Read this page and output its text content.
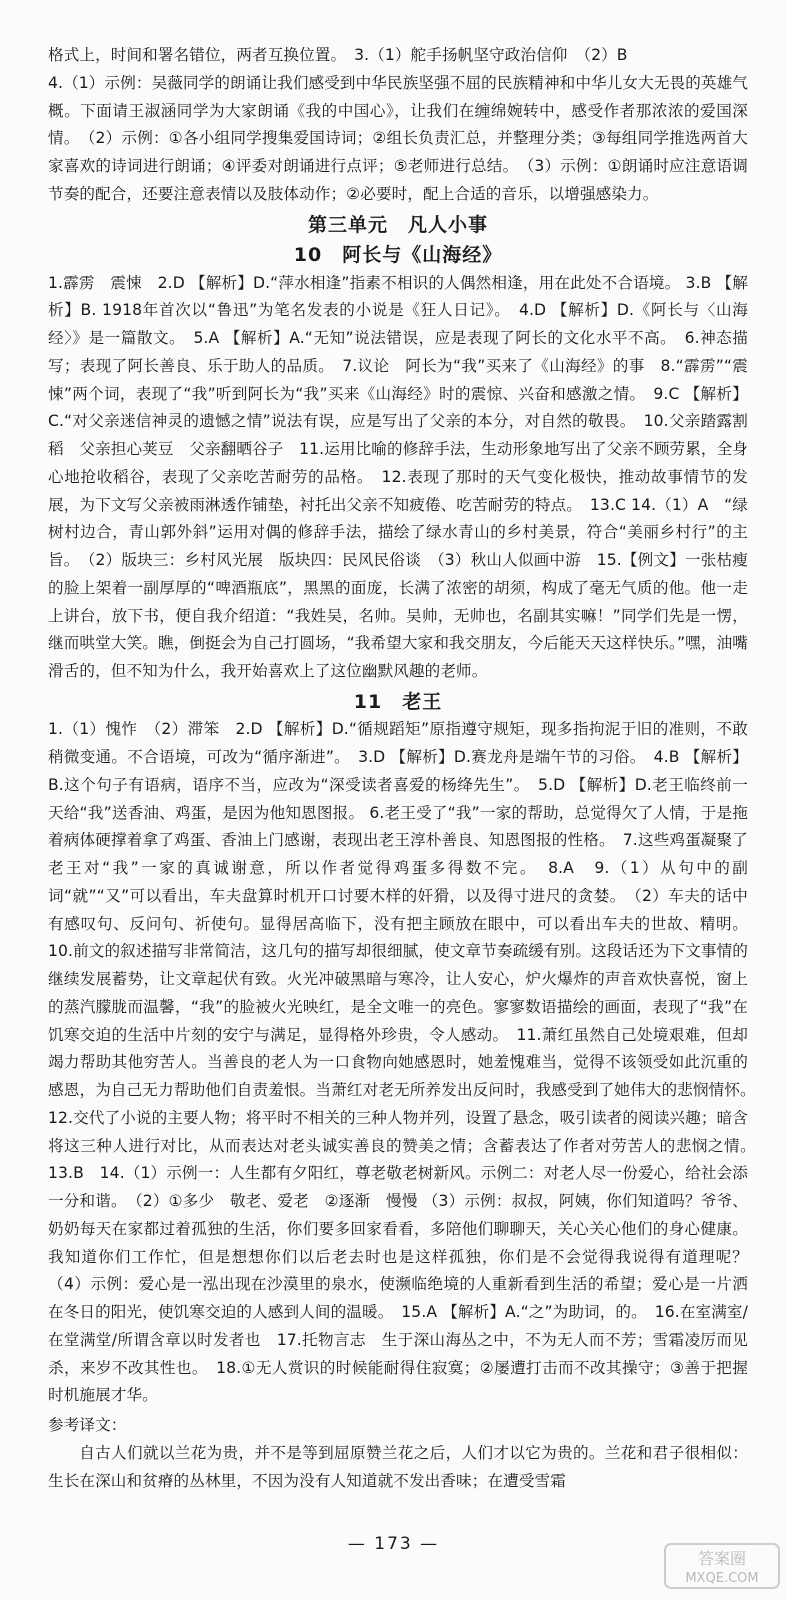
格式上，时间和署名错位，两者互换位置。　3.（1）舵手扬帆坚守政治信仰　（2）B

4.（1）示例：吴薇同学的朗诵让我们感受到中华民族坚强不屈的民族精神和中华儿女大无畏的英雄气概。下面请王淑涵同学为大家朗诵《我的中国心》，让我们在缠绵婉转中，感受作者那浓浓的爱国深情。　（2）示例：①各小组同学搜集爱国诗词；②组长负责汇总，并整理分类；③每组同学推选两首大家喜欢的诗词进行朗诵；④评委对朗诵进行点评；⑤老师进行总结。　（3）示例：①朗诵时应注意语调节奏的配合，还要注意表情以及肢体动作；②必要时，配上合适的音乐，以增强感染力。

第三单元　凡人小事
10　阿长与《山海经》

1.霹雳　震悚　2.D 【解析】D.“萍水相逢”指素不相识的人偶然相逢，用在此处不合语境。 3.B 【解析】B. 1918年首次以“鲁迅”为笔名发表的小说是《狂人日记》。　4.D 【解析】D.《阿长与〈山海经〉》是一篇散文。　5.A 【解析】A.“无知”说法错误，应是表现了阿长的文化水平不高。　6.神态描写；表现了阿长善良、乐于助人的品质。　7.议论　阿长为“我”买来了《山海经》的事　8.“霹雳”“震悚”两个词，表现了“我”听到阿长为“我”买来《山海经》时的震惊、兴奋和感激之情。　9.C 【解析】C.“对父亲迷信神灵的遗憾之情”说法有误，应是写出了父亲的本分，对自然的敬畏。　10.父亲踏露割稻　父亲担心荚豆　父亲翻晒谷子　11.运用比喻的修辞手法，生动形象地写出了父亲不顾劳累，全身心地抢收稻谷，表现了父亲吃苦耐劳的品格。　12.表现了那时的天气变化极快，推动故事情节的发展，为下文写父亲被雨淋透作铺垫，衬托出父亲不知疲倦、吃苦耐劳的特点。　13.C 14.（1）A　“绿树村边合，青山郭外斜”运用对偶的修辞手法，描绘了绿水青山的乡村美景，符合“美丽乡村行”的主旨。　（2）版块三：乡村风光展　版块四：民风民俗谈　（3）秋山人似画中游　15.【例文】一张枯瘦的脸上架着一副厚厚的“啤酒瓶底”，黑黑的面庞，长满了浓密的胡须，构成了毫无气质的他。他一走上讲台，放下书，便自我介绍道：“我姓吴，名帅。吴帅，无帅也，名副其实嘛！”同学们先是一愣，继而哄堂大笑。瞧，倒挺会为自己打圆场，“我希望大家和我交朋友，今后能天天这样快乐。”嘿，油嘴滑舌的，但不知为什么，我开始喜欢上了这位幽默风趣的老师。

11　老王

1.（1）愧怍　（2）滞笨　2.D 【解析】D.“循规蹈矩”原指遵守规矩，现多指拘泥于旧的准则，不敢稍微变通。不合语境，可改为“循序渐进”。　3.D 【解析】D.赛龙舟是端午节的习俗。　4.B 【解析】B.这个句子有语病，语序不当，应改为“深受读者喜爱的杨绛先生”。　5.D 【解析】D.老王临终前一天给“我”送香油、鸡蛋，是因为他知恩图报。 6.老王受了“我”一家的帮助，总觉得欠了人情，于是拖着病体硬撑着拿了鸡蛋、香油上门感谢，表现出老王淳朴善良、知恩图报的性格。　7.这些鸡蛋凝聚了老王对“我”一家的真诚谢意，所以作者觉得鸡蛋多得数不完。　8.A　9.（1）从句中的副词“就”“又”可以看出，车夫盘算时机开口讨要木样的奸猾，以及得寸进尺的贪婪。　（2）车夫的话中有感叹句、反问句、祈使句。显得居高临下，没有把主顾放在眼中，可以看出车夫的世故、精明。 10.前文的叙述描写非常简洁，这几句的描写却很细腻，使文章节奏疏缓有别。这段话还为下文事情的继续发展蓄势，让文章起伏有致。火光冲破黑暗与寒冷，让人安心，炉火爆炸的声音欢快喜悦，窗上的蒸汽朦胧而温馨，“我”的脸被火光映红，是全文唯一的亮色。寥寥数语描绘的画面，表现了“我”在饥寒交迫的生活中片刻的安宁与满足，显得格外珍贵，令人感动。　11.萧红虽然自己处境艰难，但却竭力帮助其他穷苦人。当善良的老人为一口食物向她感恩时，她羞愧难当，觉得不该领受如此沉重的感恩，为自己无力帮助他们自责羞恨。当萧红对老无所养发出反问时，我感受到了她伟大的悲悯情怀。　12.交代了小说的主要人物；将平时不相关的三种人物并列，设置了悬念，吸引读者的阅读兴趣；暗含将这三种人进行对比，从而表达对老头诚实善良的赞美之情；含蓄表达了作者对劳苦人的悲悯之情。　13.B　14.（1）示例一：人生都有夕阳红，尊老敬老树新风。示例二：对老人尽一份爱心，给社会添一分和谐。　（2）①多少　敬老、爱老　②逐渐　慢慢 （3）示例：叔叔，阿姨，你们知道吗？爷爷、奶奶每天在家都过着孤独的生活，你们要多回家看看，多陪他们聊聊天，关心关心他们的身心健康。我知道你们工作忙，但是想想你们以后老去时也是这样孤独，你们是不会觉得我说得有道理呢？　（4）示例：爱心是一泓出现在沙漠里的泉水，使濒临绝境的人重新看到生活的希望；爱心是一片洒在冬日的阳光，使饥寒交迫的人感到人间的温暖。　15.A 【解析】A.“之”为助词，的。　16.在室满室/在堂满堂/所谓含章以时发者也　17.托物言志　生于深山海丛之中，不为无人而不芳；雪霜凌厉而见杀，来岁不改其性也。　18.①无人赏识的时候能耐得住寂寞；②屡遭打击而不改其操守；③善于把握时机施展才华。

参考译文：

自古人们就以兰花为贵，并不是等到屈原赞兰花之后，人们才以它为贵的。兰花和君子很相似：生长在深山和贫瘠的丛林里，不因为没有人知道就不发出香味；在遭受雪霜

— 173 —
答案圈
MXQE.COM
